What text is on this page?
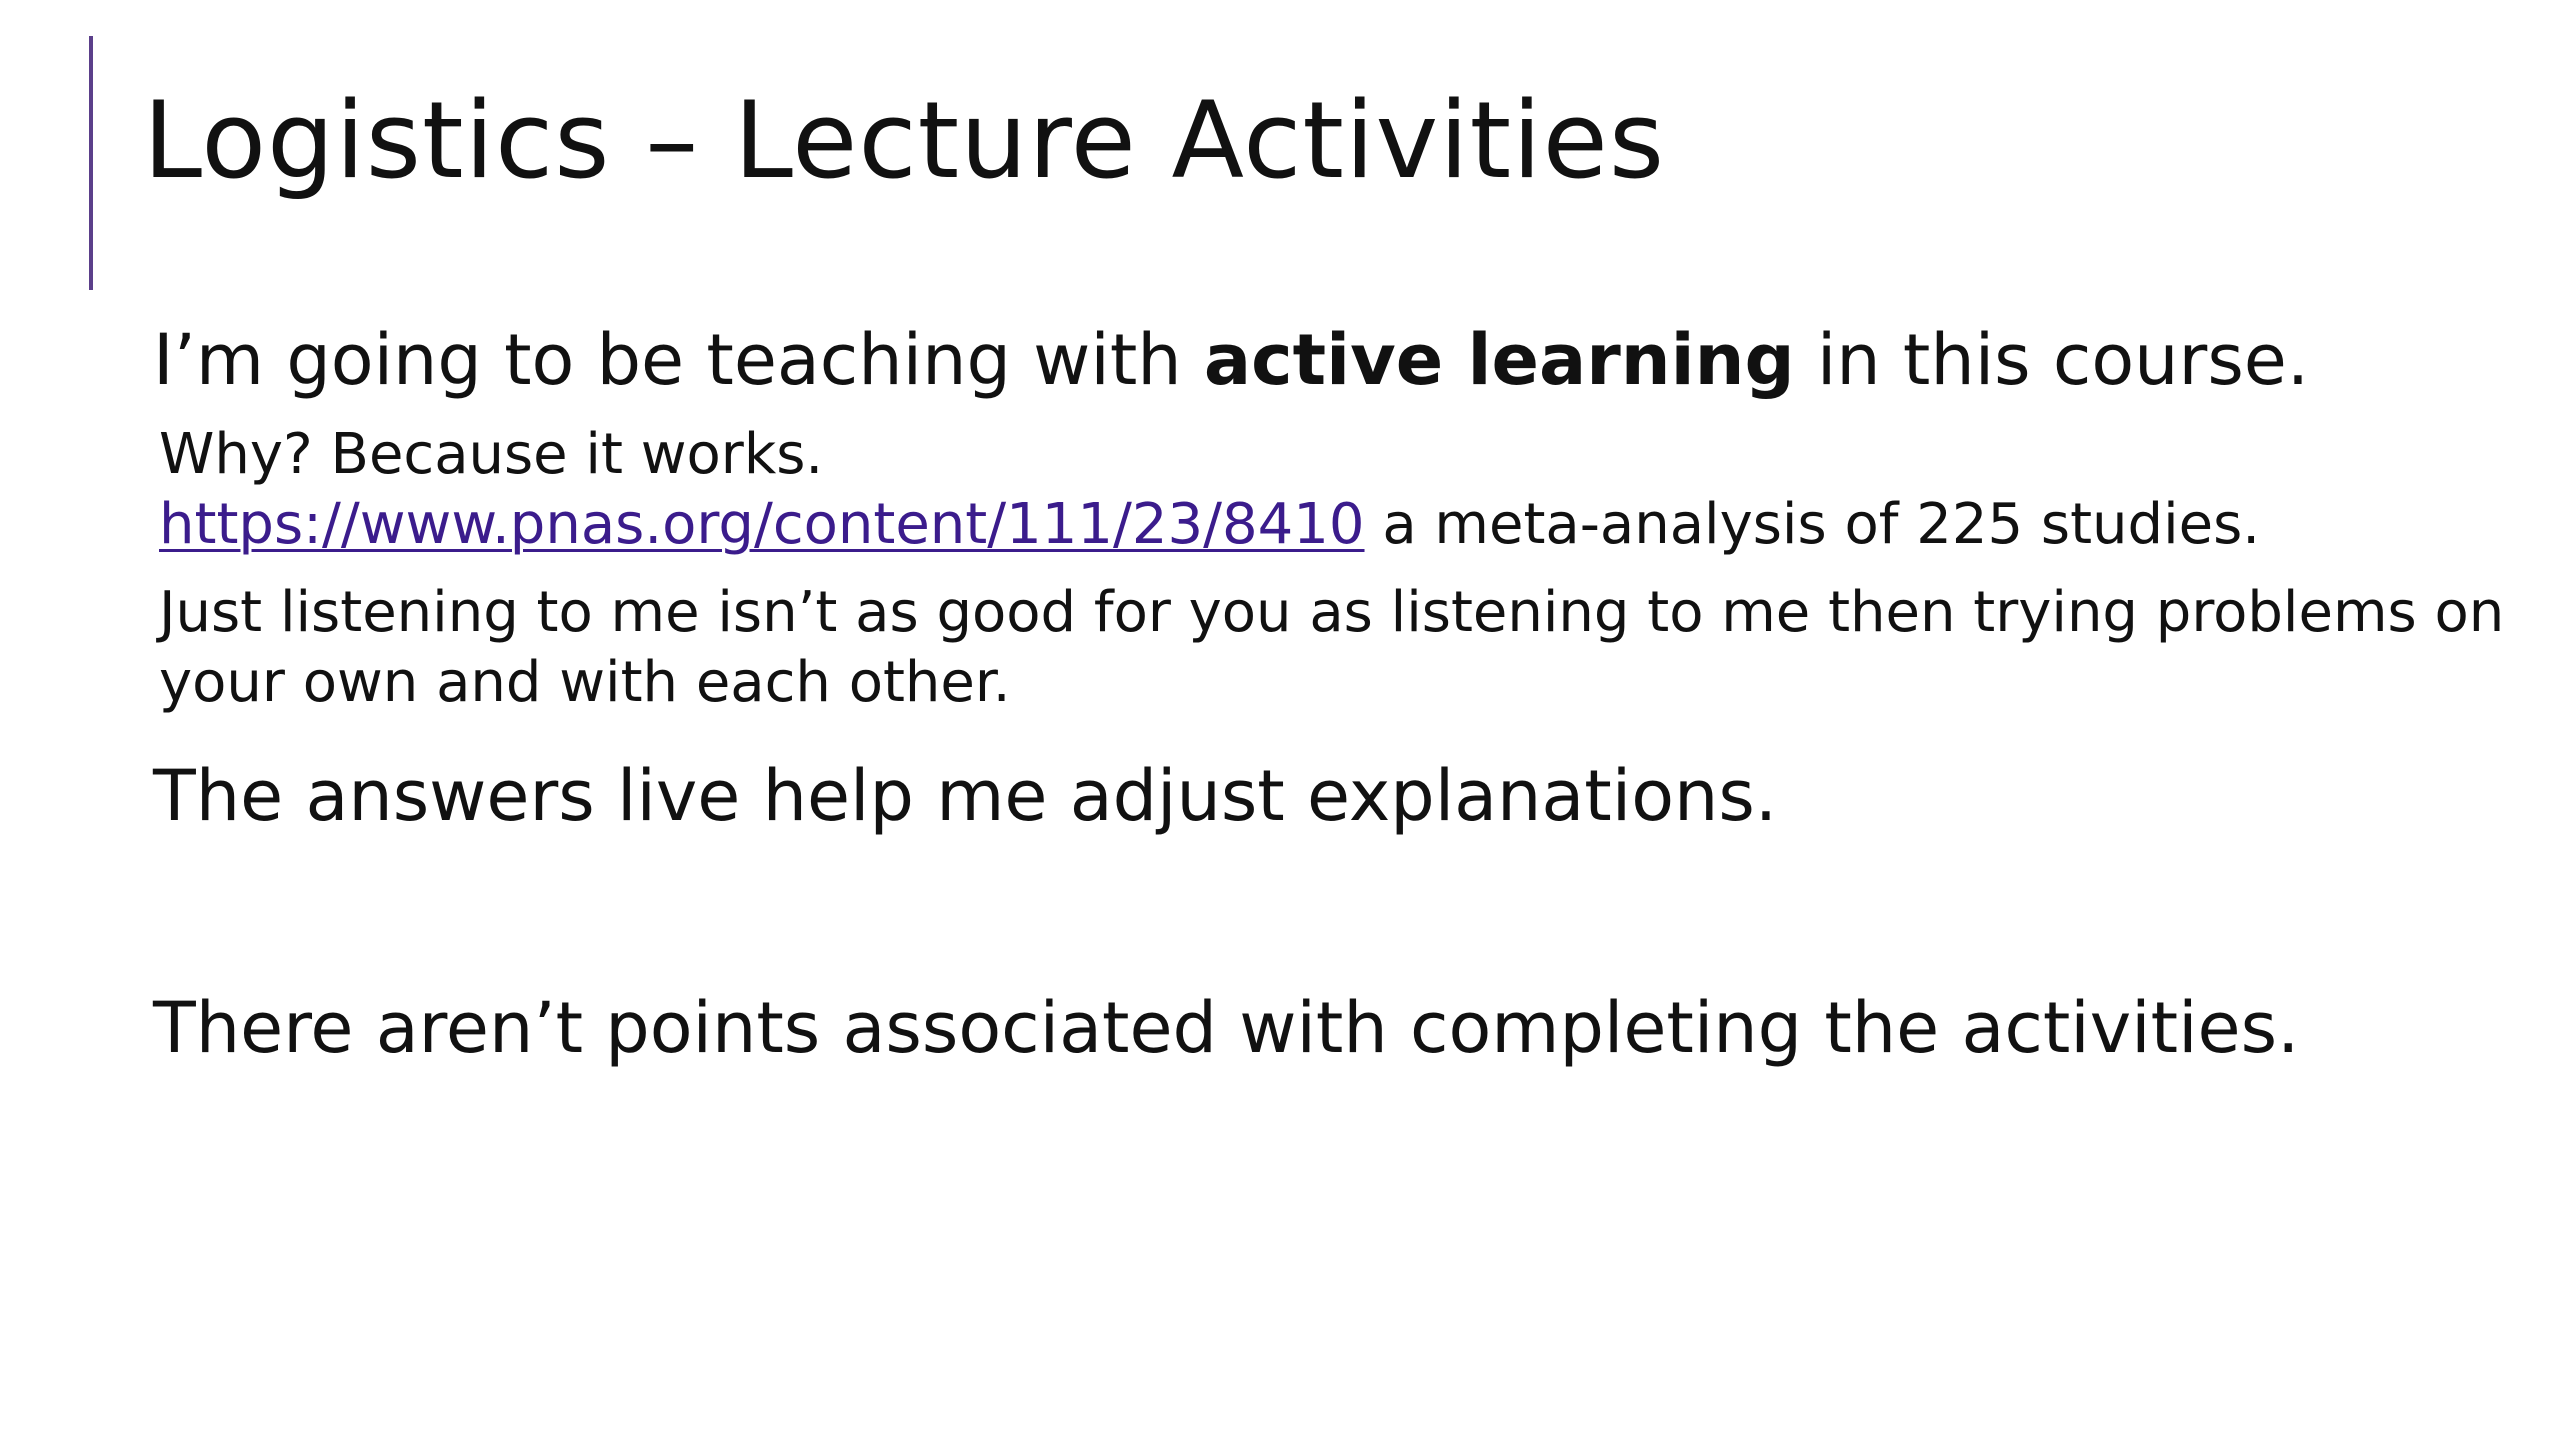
Logistics – Lecture Activities

I’m going to be teaching with active learning in this course.

Why? Because it works.

https://www.pnas.org/content/111/23/8410 a meta-analysis of 225 studies.

Just listening to me isn’t as good for you as listening to me then trying problems on your own and with each other.

The answers live help me adjust explanations.

There aren’t points associated with completing the activities.
